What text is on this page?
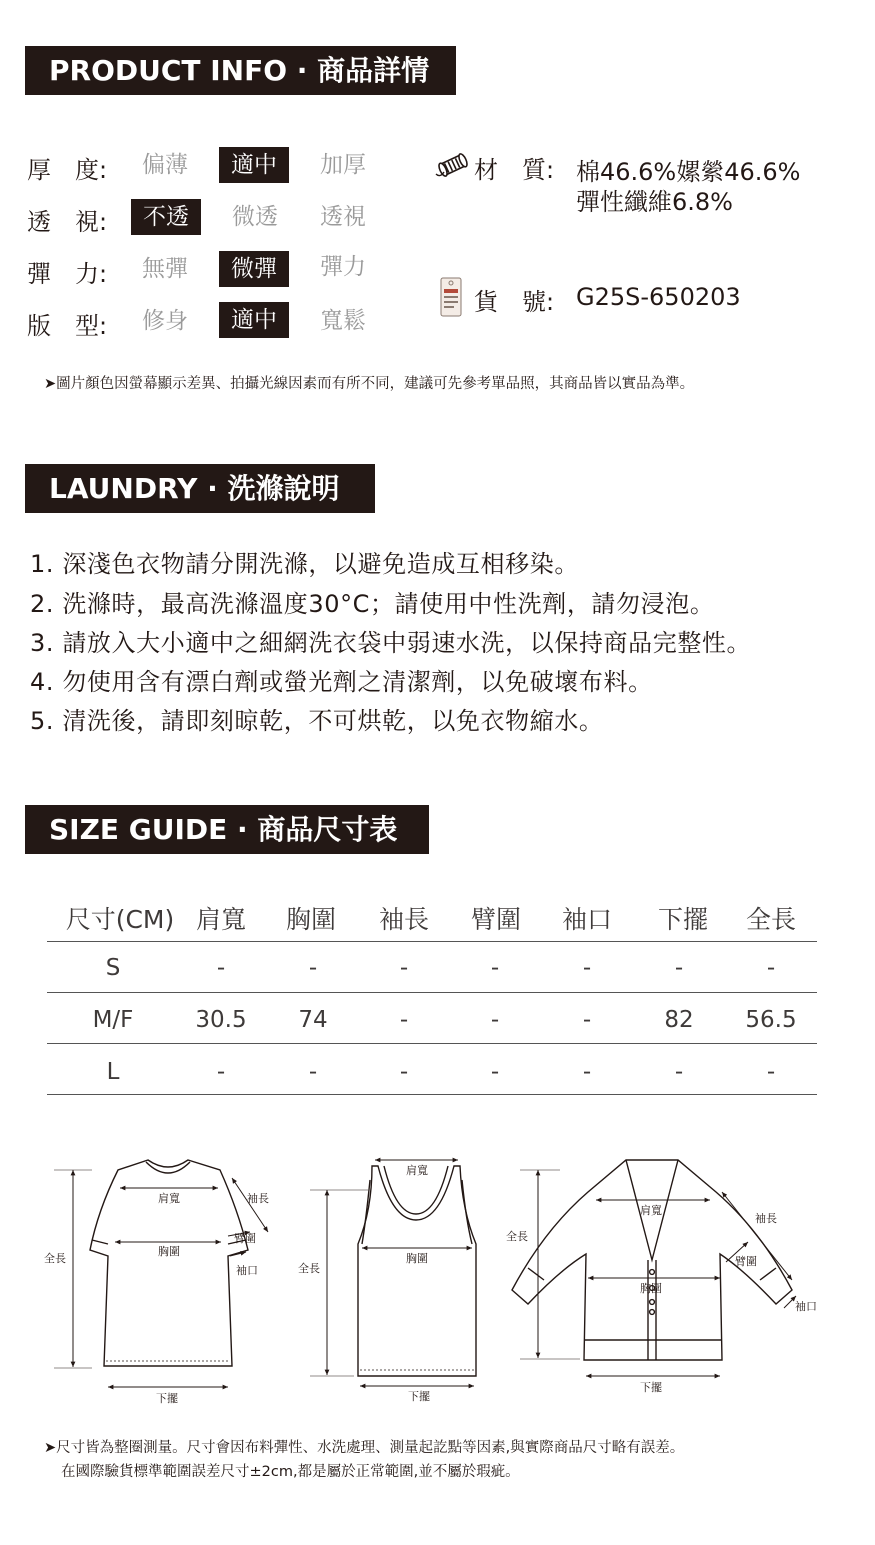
PRODUCT INFO · 商品詳情
厚　度:	偏薄	適中	加厚
透　視:	不透	微透	透視
彈　力:	無彈	微彈	彈力
版　型:	修身	適中	寬鬆
材　質: 棉46.6%嫘縈46.6%
彈性纖維6.8%
貨　號: G25S-650203
➤圖片顏色因螢幕顯示差異、拍攝光線因素而有所不同，建議可先參考單品照，其商品皆以實品為準。
LAUNDRY · 洗滌說明
1. 深淺色衣物請分開洗滌，以避免造成互相移染。
2. 洗滌時，最高洗滌溫度30°C；請使用中性洗劑，請勿浸泡。
3. 請放入大小適中之細網洗衣袋中弱速水洗，以保持商品完整性。
4. 勿使用含有漂白劑或螢光劑之清潔劑，以免破壞布料。
5. 清洗後，請即刻晾乾，不可烘乾，以免衣物縮水。
SIZE GUIDE · 商品尺寸表
尺寸(CM) 肩寬	胸圍	袖長	臂圍	袖口	下擺	全長
S	-	-	-	-	-	-	-
M/F	30.5	74	-	-	-	82	56.5
L	-	-	-	-	-	-	-
全長
肩寬
胸圍
袖長
臂圍
袖口
下擺
全長
肩寬
胸圍
下擺
全長
肩寬
胸圍
袖長
臂圍
袖口
下擺
➤尺寸皆為整圈測量。尺寸會因布料彈性、水洗處理、測量起訖點等因素,與實際商品尺寸略有誤差。
在國際驗貨標準範圍誤差尺寸±2cm,都是屬於正常範圍,並不屬於瑕疵。
